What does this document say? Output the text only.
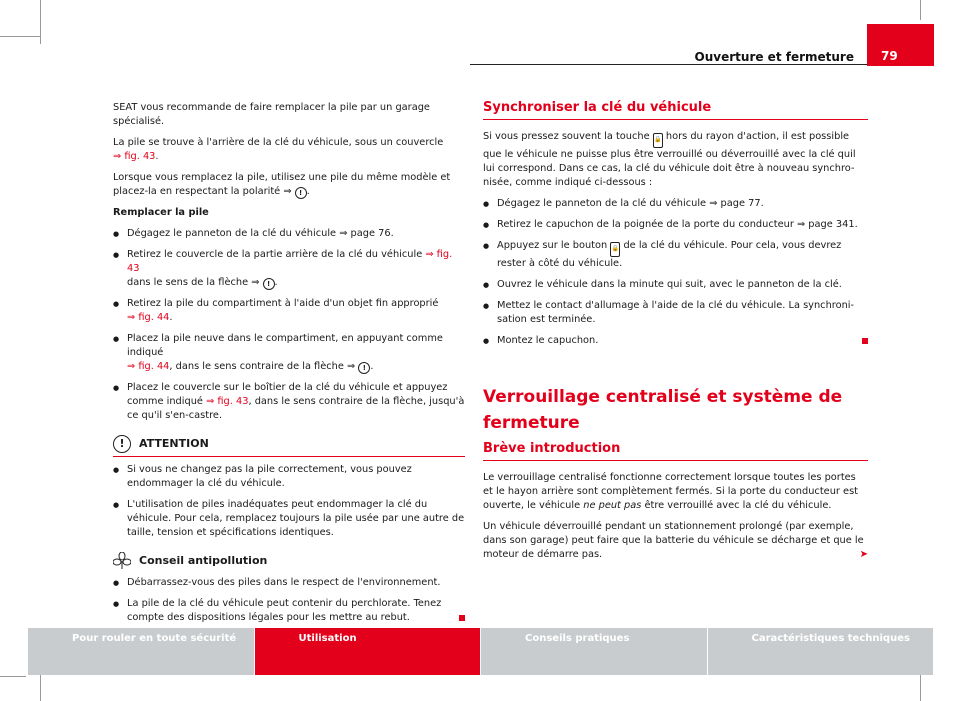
Ouverture et fermeture	79

SEAT vous recommande de faire remplacer la pile par un garage spécialisé.

La pile se trouve à l'arrière de la clé du véhicule, sous un couvercle
⇒ fig. 43.

Lorsque vous remplacez la pile, utilisez une pile du même modèle et placez-la en respectant la polarité ⇒ ! .

Remplacer la pile

● Dégagez le panneton de la clé du véhicule ⇒ page 76.
● Retirez le couvercle de la partie arrière de la clé du véhicule ⇒ fig. 43
dans le sens de la flèche ⇒ ! .
● Retirez la pile du compartiment à l'aide d'un objet fin approprié
⇒ fig. 44.
● Placez la pile neuve dans le compartiment, en appuyant comme indiqué
⇒ fig. 44, dans le sens contraire de la flèche ⇒ ! .
● Placez le couvercle sur le boîtier de la clé du véhicule et appuyez comme indiqué ⇒ fig. 43, dans le sens contraire de la flèche, jusqu'à ce qu'il s'en-castre.
!	ATTENTION
● Si vous ne changez pas la pile correctement, vous pouvez endommager la clé du véhicule.
● L'utilisation de piles inadéquates peut endommager la clé du véhicule. Pour cela, remplacez toujours la pile usée par une autre de taille, tension et spécifications identiques.
Conseil antipollution
● Débarrassez-vous des piles dans le respect de l'environnement.
● La pile de la clé du véhicule peut contenir du perchlorate. Tenez compte des dispositions légales pour les mettre au rebut.
Synchroniser la clé du véhicule

Si vous pressez souvent la touche 🔒 hors du rayon d'action, il est possible que le véhicule ne puisse plus être verrouillé ou déverrouillé avec la clé quil lui correspond. Dans ce cas, la clé du véhicule doit être à nouveau synchro-nisée, comme indiqué ci-dessous :

● Dégagez le panneton de la clé du véhicule ⇒ page 77.
● Retirez le capuchon de la poignée de la porte du conducteur ⇒ page 341.
● Appuyez sur le bouton 🔒 de la clé du véhicule. Pour cela, vous devrez rester à côté du véhicule.
● Ouvrez le véhicule dans la minute qui suit, avec le panneton de la clé.
● Mettez le contact d'allumage à l'aide de la clé du véhicule. La synchroni-sation est terminée.
● Montez le capuchon.
Verrouillage centralisé et système de fermeture
Brève introduction

Le verrouillage centralisé fonctionne correctement lorsque toutes les portes et le hayon arrière sont complètement fermés. Si la porte du conducteur est ouverte, le véhicule ne peut pas être verrouillé avec la clé du véhicule.

Un véhicule déverrouillé pendant un stationnement prolongé (par exemple, dans son garage) peut faire que la batterie du véhicule se décharge et que le moteur de démarre pas.	➤

Pour rouler en toute sécurité	Utilisation	Conseils pratiques	Caractéristiques techniques
